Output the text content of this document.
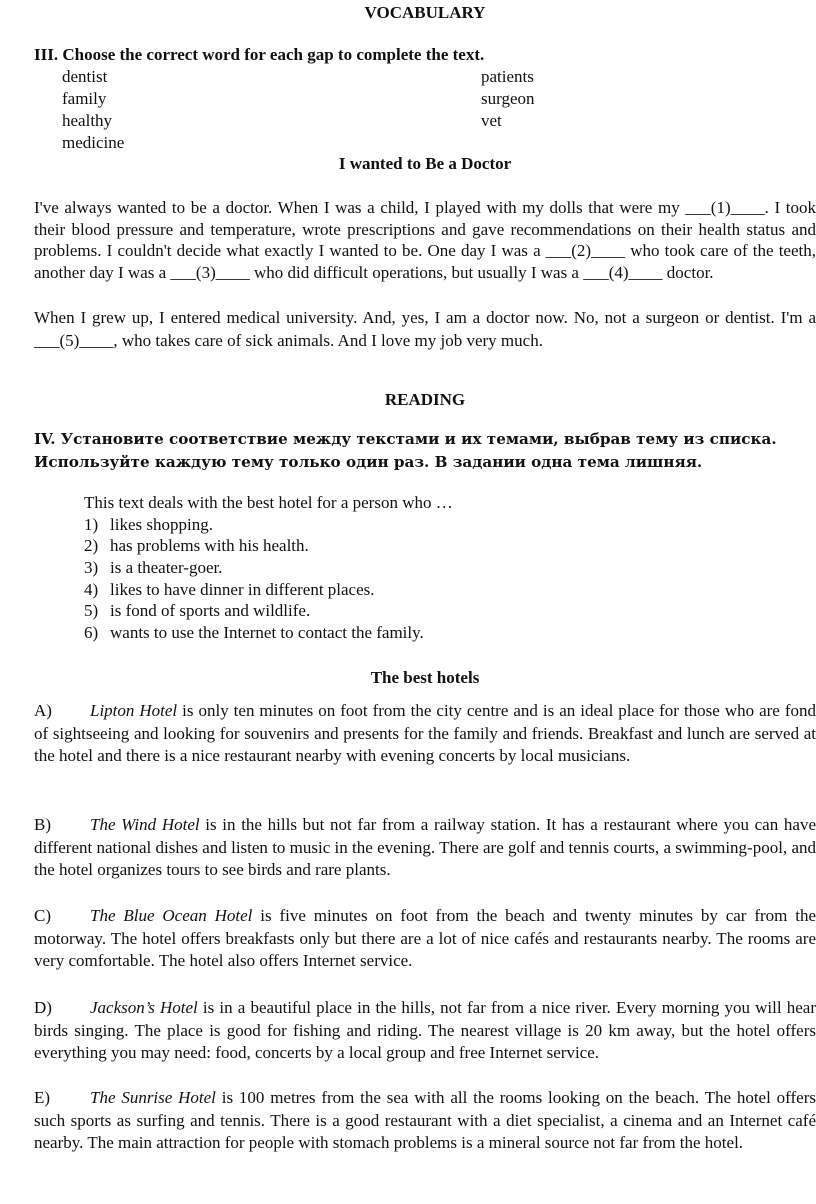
VOCABULARY
III. Choose the correct word for each gap to complete the text.
dentist
family
healthy
medicine
patients
surgeon
vet
I wanted to Be a Doctor
I've always wanted to be a doctor. When I was a child, I played with my dolls that were my ___(1)____. I took their blood pressure and temperature, wrote prescriptions and gave recommendations on their health status and problems. I couldn't decide what exactly I wanted to be. One day I was a ___(2)____ who took care of the teeth, another day I was a ___(3)____ who did difficult operations, but usually I was a ___(4)____ doctor.
When I grew up, I entered medical university. And, yes, I am a doctor now. No, not a surgeon or dentist. I'm a ___(5)____, who takes care of sick animals. And I love my job very much.
READING
IV. Установите соответствие между текстами и их темами, выбрав тему из списка.
Используйте каждую тему только один раз. В задании одна тема лишняя.
This text deals with the best hotel for a person who …
1) likes shopping.
2) has problems with his health.
3) is a theater-goer.
4) likes to have dinner in different places.
5) is fond of sports and wildlife.
6) wants to use the Internet to contact the family.
The best hotels

A) Lipton Hotel is only ten minutes on foot from the city centre and is an ideal place for those who are fond of sightseeing and looking for souvenirs and presents for the family and friends. Breakfast and lunch are served at the hotel and there is a nice restaurant nearby with evening concerts by local musicians.

B) The Wind Hotel is in the hills but not far from a railway station. It has a restaurant where you can have different national dishes and listen to music in the evening. There are golf and tennis courts, a swimming-pool, and the hotel organizes tours to see birds and rare plants.

C) The Blue Ocean Hotel is five minutes on foot from the beach and twenty minutes by car from the motorway. The hotel offers breakfasts only but there are a lot of nice cafés and restaurants nearby. The rooms are very comfortable. The hotel also offers Internet service.

D) Jackson’s Hotel is in a beautiful place in the hills, not far from a nice river. Every morning you will hear birds singing. The place is good for fishing and riding. The nearest village is 20 km away, but the hotel offers everything you may need: food, concerts by a local group and free Internet service.

E) The Sunrise Hotel is 100 metres from the sea with all the rooms looking on the beach. The hotel offers such sports as surfing and tennis. There is a good restaurant with a diet specialist, a cinema and an Internet café nearby. The main attraction for people with stomach problems is a mineral source not far from the hotel.
